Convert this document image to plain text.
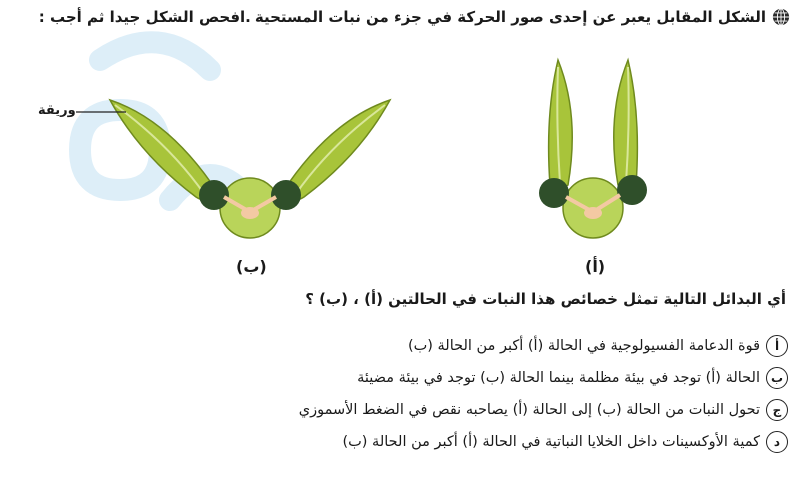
الشكل المقابل يعبر عن إحدى صور الحركة في جزء من نبات المستحية
.افحص الشكل جيدا ثم أجب :
وريقة
(ب)	(أ)
أي البدائل التالية تمثل خصائص هذا النبات في الحالتين (أ) ، (ب) ؟
أ
قوة الدعامة الفسيولوجية في الحالة (أ) أكبر من الحالة (ب)
ب
الحالة (أ) توجد في بيئة مظلمة بينما الحالة (ب) توجد في بيئة مضيئة
ج
تحول النبات من الحالة (ب) إلى الحالة (أ) يصاحبه نقص في الضغط الأسموزي
د
كمية الأوكسينات داخل الخلايا النباتية في الحالة (أ) أكبر من الحالة (ب)
